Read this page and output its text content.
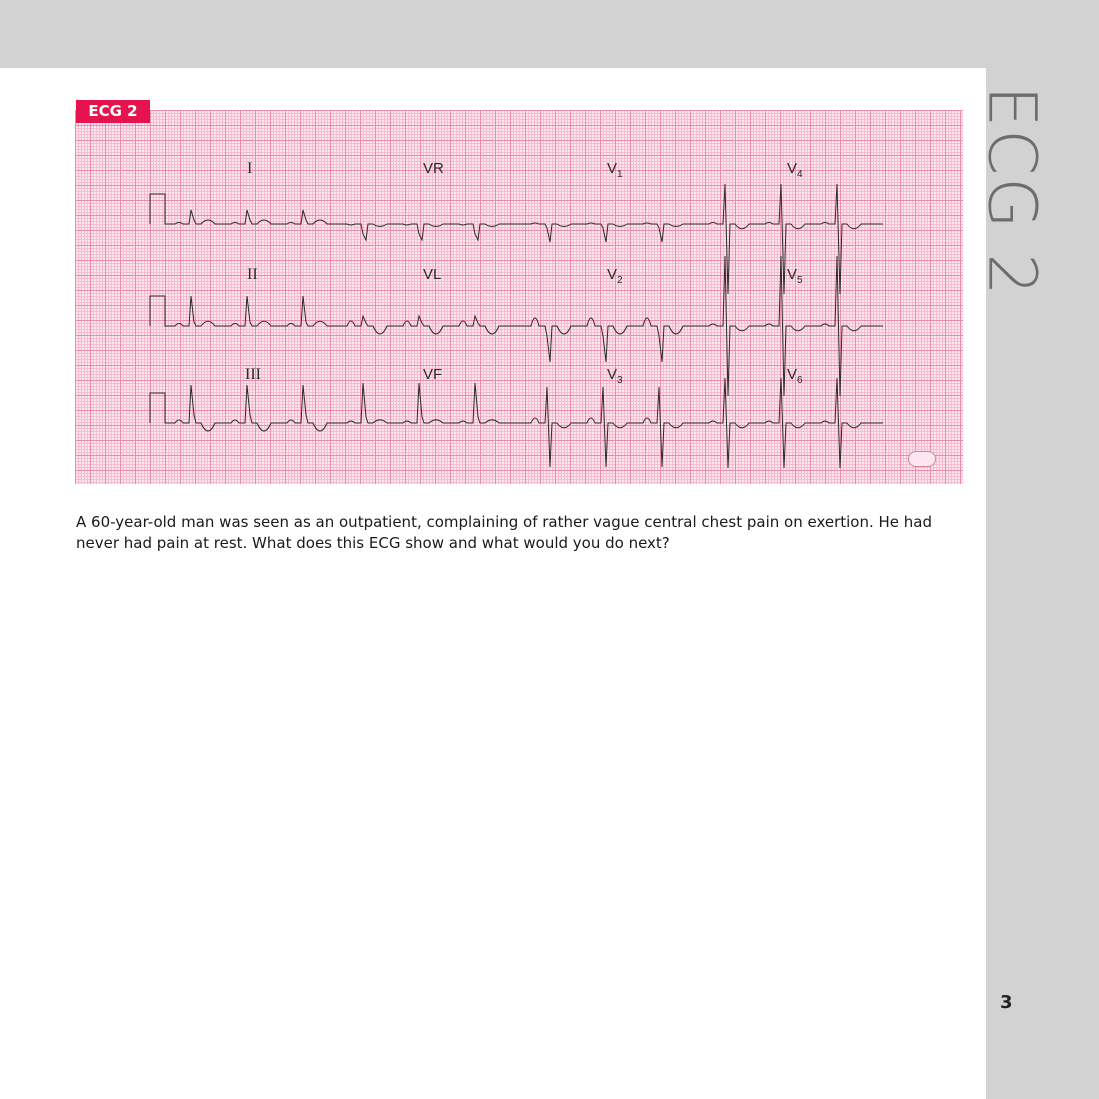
ECG 2
3
I	VR	$V_1$	$V_4$
II	VL	$V_2$	$V_5$
III	VF	$V_3$	$V_6$
ECG 2
A 60-year-old man was seen as an outpatient, complaining of rather vague central chest pain on exertion. He had never had pain at rest. What does this ECG show and what would you do next?
